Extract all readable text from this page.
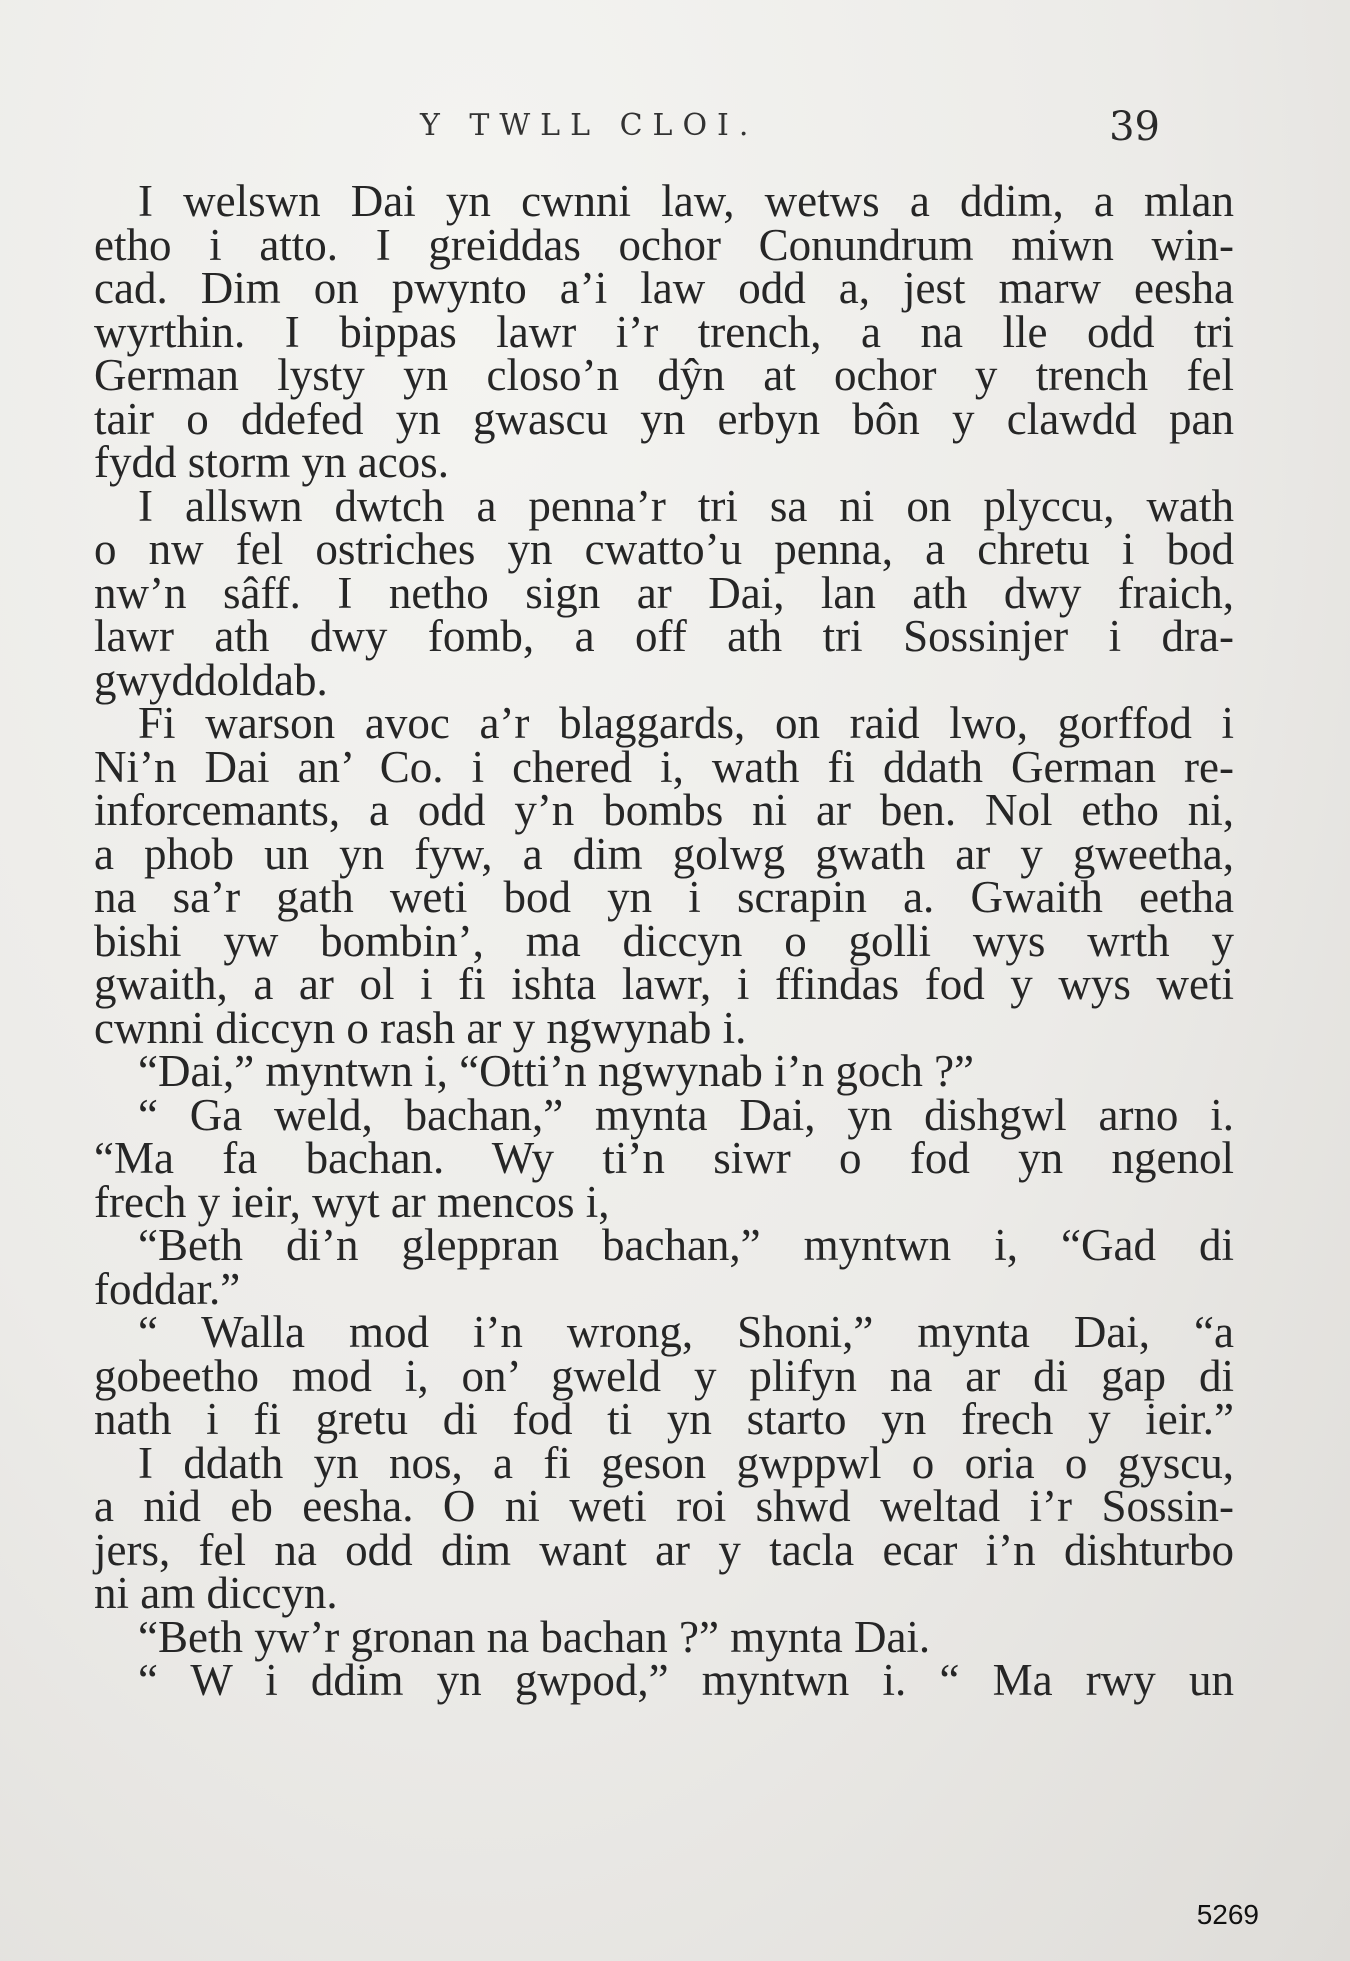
Y TWLL CLOI.	39
I welswn Dai yn cwnni law, wetws a ddim, a mlan
etho i atto. I greiddas ochor Conundrum miwn win-
cad. Dim on pwynto a’i law odd a, jest marw eesha
wyrthin. I bippas lawr i’r trench, a na lle odd tri
German lysty yn closo’n dŷn at ochor y trench fel
tair o ddefed yn gwascu yn erbyn bôn y clawdd pan
fydd storm yn acos.
I allswn dwtch a penna’r tri sa ni on plyccu, wath
o nw fel ostriches yn cwatto’u penna, a chretu i bod
nw’n sâff. I netho sign ar Dai, lan ath dwy fraich,
lawr ath dwy fomb, a off ath tri Sossinjer i dra-
gwyddoldab.
Fi warson avoc a’r blaggards, on raid lwo, gorffod i
Ni’n Dai an’ Co. i chered i, wath fi ddath German re-
inforcemants, a odd y’n bombs ni ar ben. Nol etho ni,
a phob un yn fyw, a dim golwg gwath ar y gweetha,
na sa’r gath weti bod yn i scrapin a. Gwaith eetha
bishi yw bombin’, ma diccyn o golli wys wrth y
gwaith, a ar ol i fi ishta lawr, i ffindas fod y wys weti
cwnni diccyn o rash ar y ngwynab i.
“Dai,” myntwn i, “Otti’n ngwynab i’n goch ?”
“ Ga weld, bachan,” mynta Dai, yn dishgwl arno i.
“Ma fa bachan. Wy ti’n siwr o fod yn ngenol
frech y ieir, wyt ar mencos i,
“Beth di’n gleppran bachan,” myntwn i, “Gad di
foddar.”
“ Walla mod i’n wrong, Shoni,” mynta Dai, “a
gobeetho mod i, on’ gweld y plifyn na ar di gap di
nath i fi gretu di fod ti yn starto yn frech y ieir.”
I ddath yn nos, a fi geson gwppwl o oria o gyscu,
a nid eb eesha. O ni weti roi shwd weltad i’r Sossin-
jers, fel na odd dim want ar y tacla ecar i’n dishturbo
ni am diccyn.
“Beth yw’r gronan na bachan ?” mynta Dai.
“ W i ddim yn gwpod,” myntwn i. “ Ma rwy un
5269
